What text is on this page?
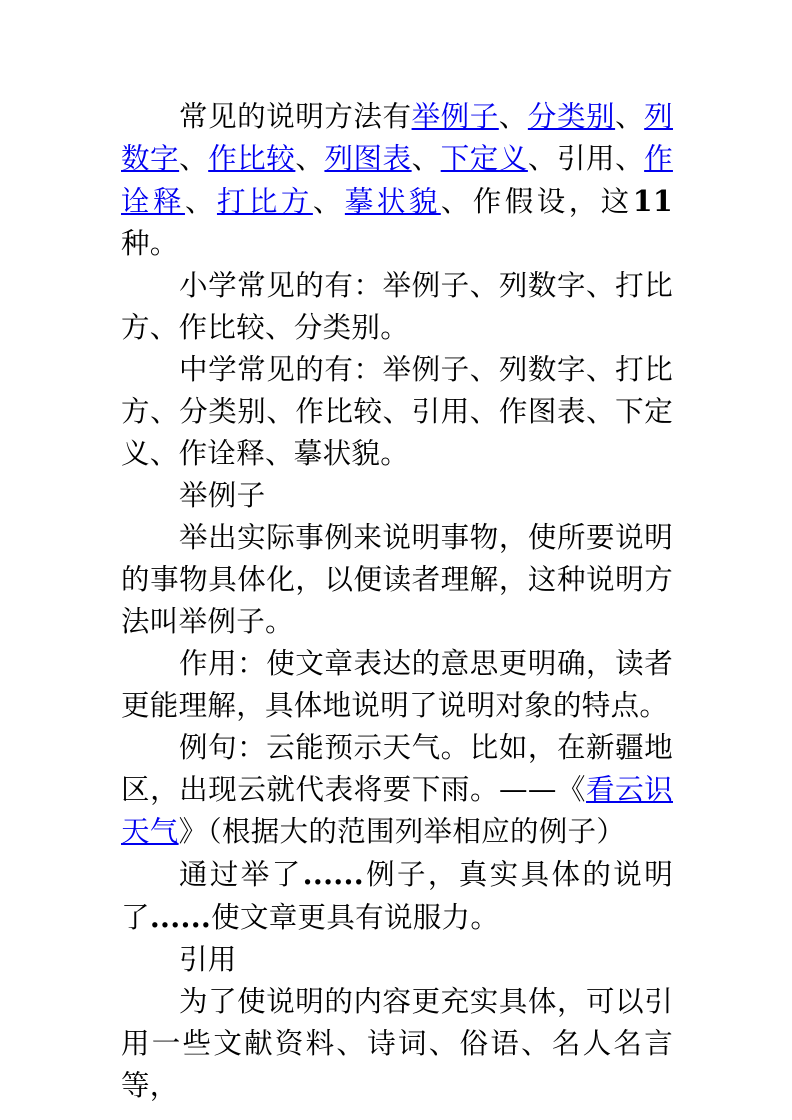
常见的说明方法有举例子、分类别、列数字、作比较、列图表、下定义、引用、作诠释、打比方、摹状貌、作假设，这11种。

小学常见的有：举例子、列数字、打比方、作比较、分类别。

中学常见的有：举例子、列数字、打比方、分类别、作比较、引用、作图表、下定义、作诠释、摹状貌。

举例子

举出实际事例来说明事物，使所要说明的事物具体化，以便读者理解，这种说明方法叫举例子。

作用：使文章表达的意思更明确，读者更能理解，具体地说明了说明对象的特点。

例句：云能预示天气。比如，在新疆地区，出现云就代表将要下雨。——《看云识天气》（根据大的范围列举相应的例子）

通过举了......例子，真实具体的说明了......使文章更具有说服力。

引用

为了使说明的内容更充实具体，可以引用一些文献资料、诗词、俗语、名人名言等，
